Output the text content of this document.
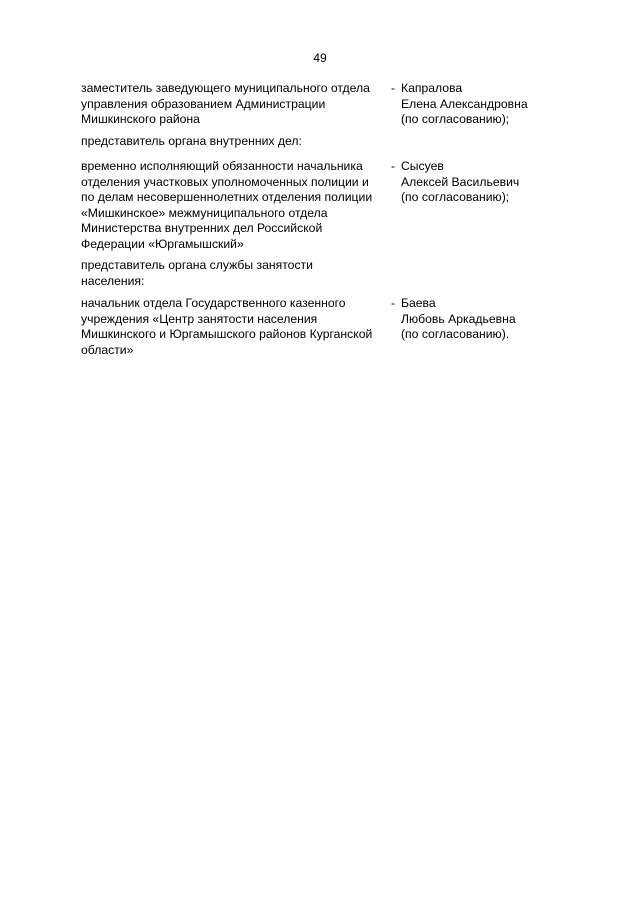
49
заместитель заведующего муниципального отдела
управления образованием Администрации
Мишкинского района

- Капралова
Елена Александровна
(по согласованию);

представитель органа внутренних дел:
временно исполняющий обязанности начальника
отделения участковых уполномоченных полиции и
по делам несовершеннолетних отделения полиции
«Мишкинское» межмуниципального отдела
Министерства внутренних дел Российской
Федерации «Юргамышский»

- Сысуев
Алексей Васильевич
(по согласованию);

представитель органа службы занятости
населения:
начальник отдела Государственного казенного
учреждения «Центр занятости населения
Мишкинского и Юргамышского районов Курганской
области»

- Баева
Любовь Аркадьевна
(по согласованию).
